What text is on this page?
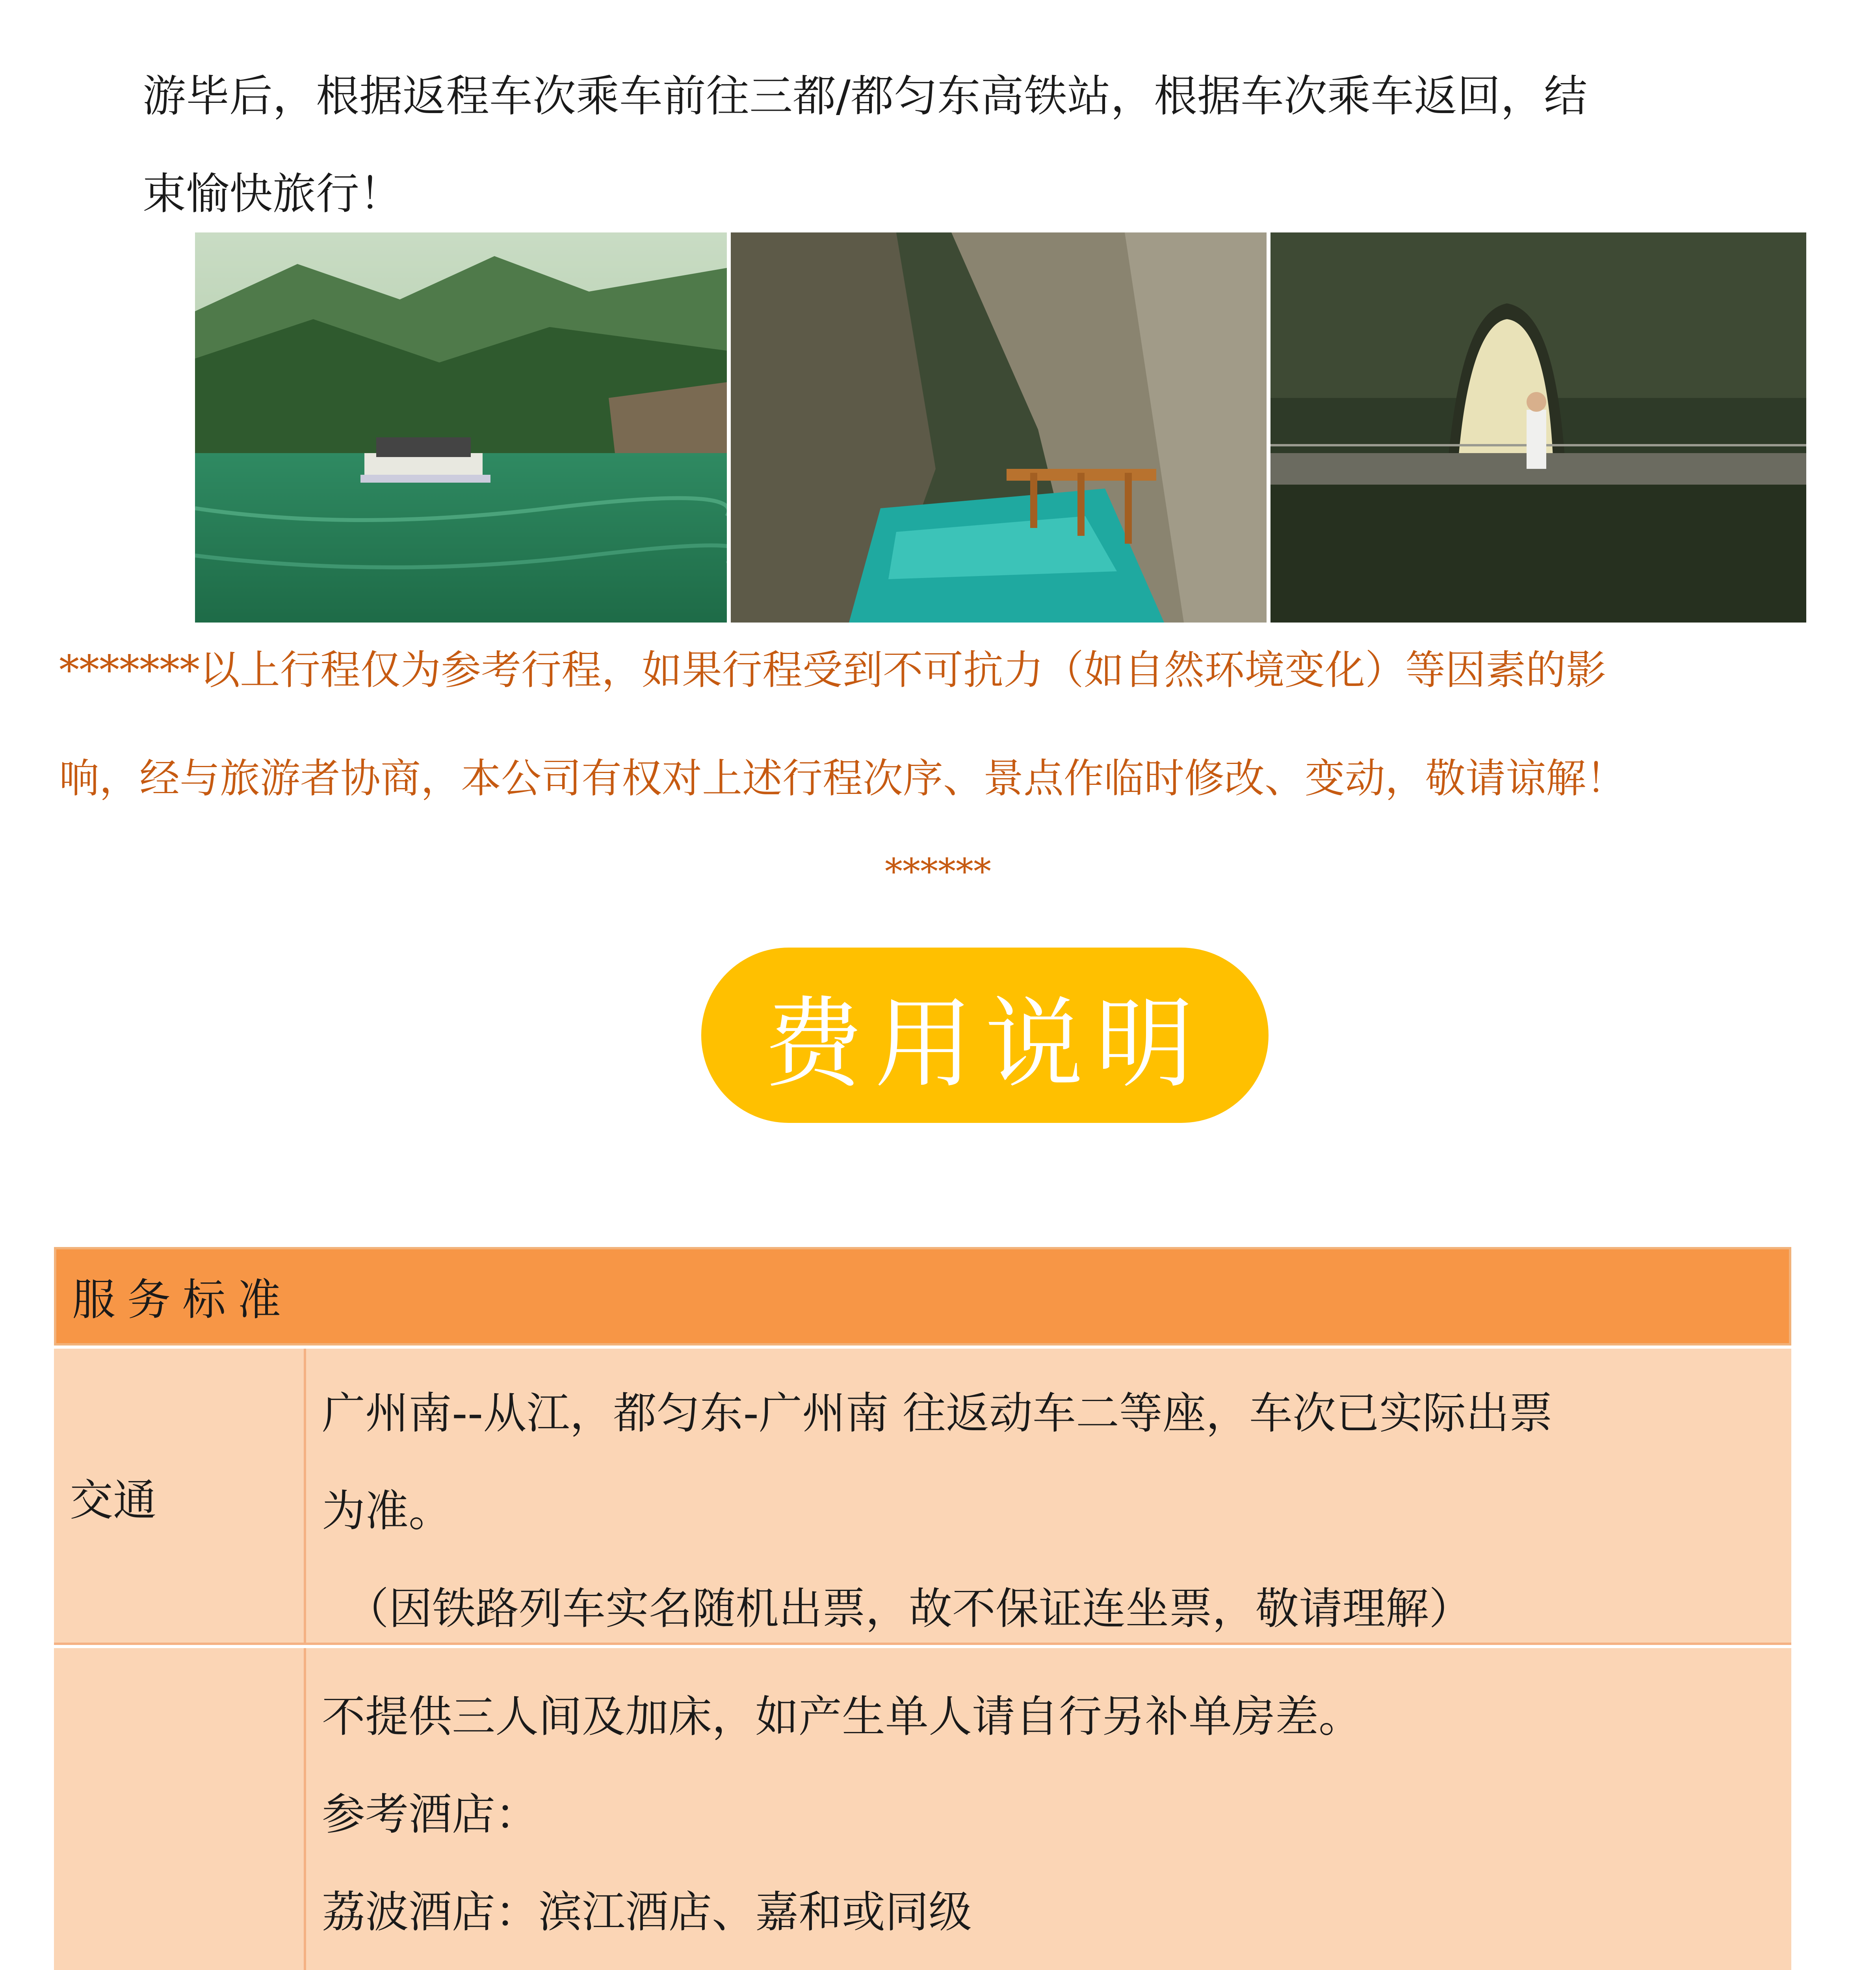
游毕后，根据返程车次乘车前往三都/都匀东高铁站，根据车次乘车返回，结
束愉快旅行！
*******以上行程仅为参考行程，如果行程受到不可抗力（如自然环境变化）等因素的影
响，经与旅游者协商，本公司有权对上述行程次序、景点作临时修改、变动，敬请谅解！
******
费用说明
服务标准
交通
广州南--从江，都匀东-广州南 往返动车二等座，车次已实际出票
为准。
（因铁路列车实名随机出票，故不保证连坐票，敬请理解）
不提供三人间及加床，如产生单人请自行另补单房差。
参考酒店：
荔波酒店：滨江酒店、嘉和或同级
